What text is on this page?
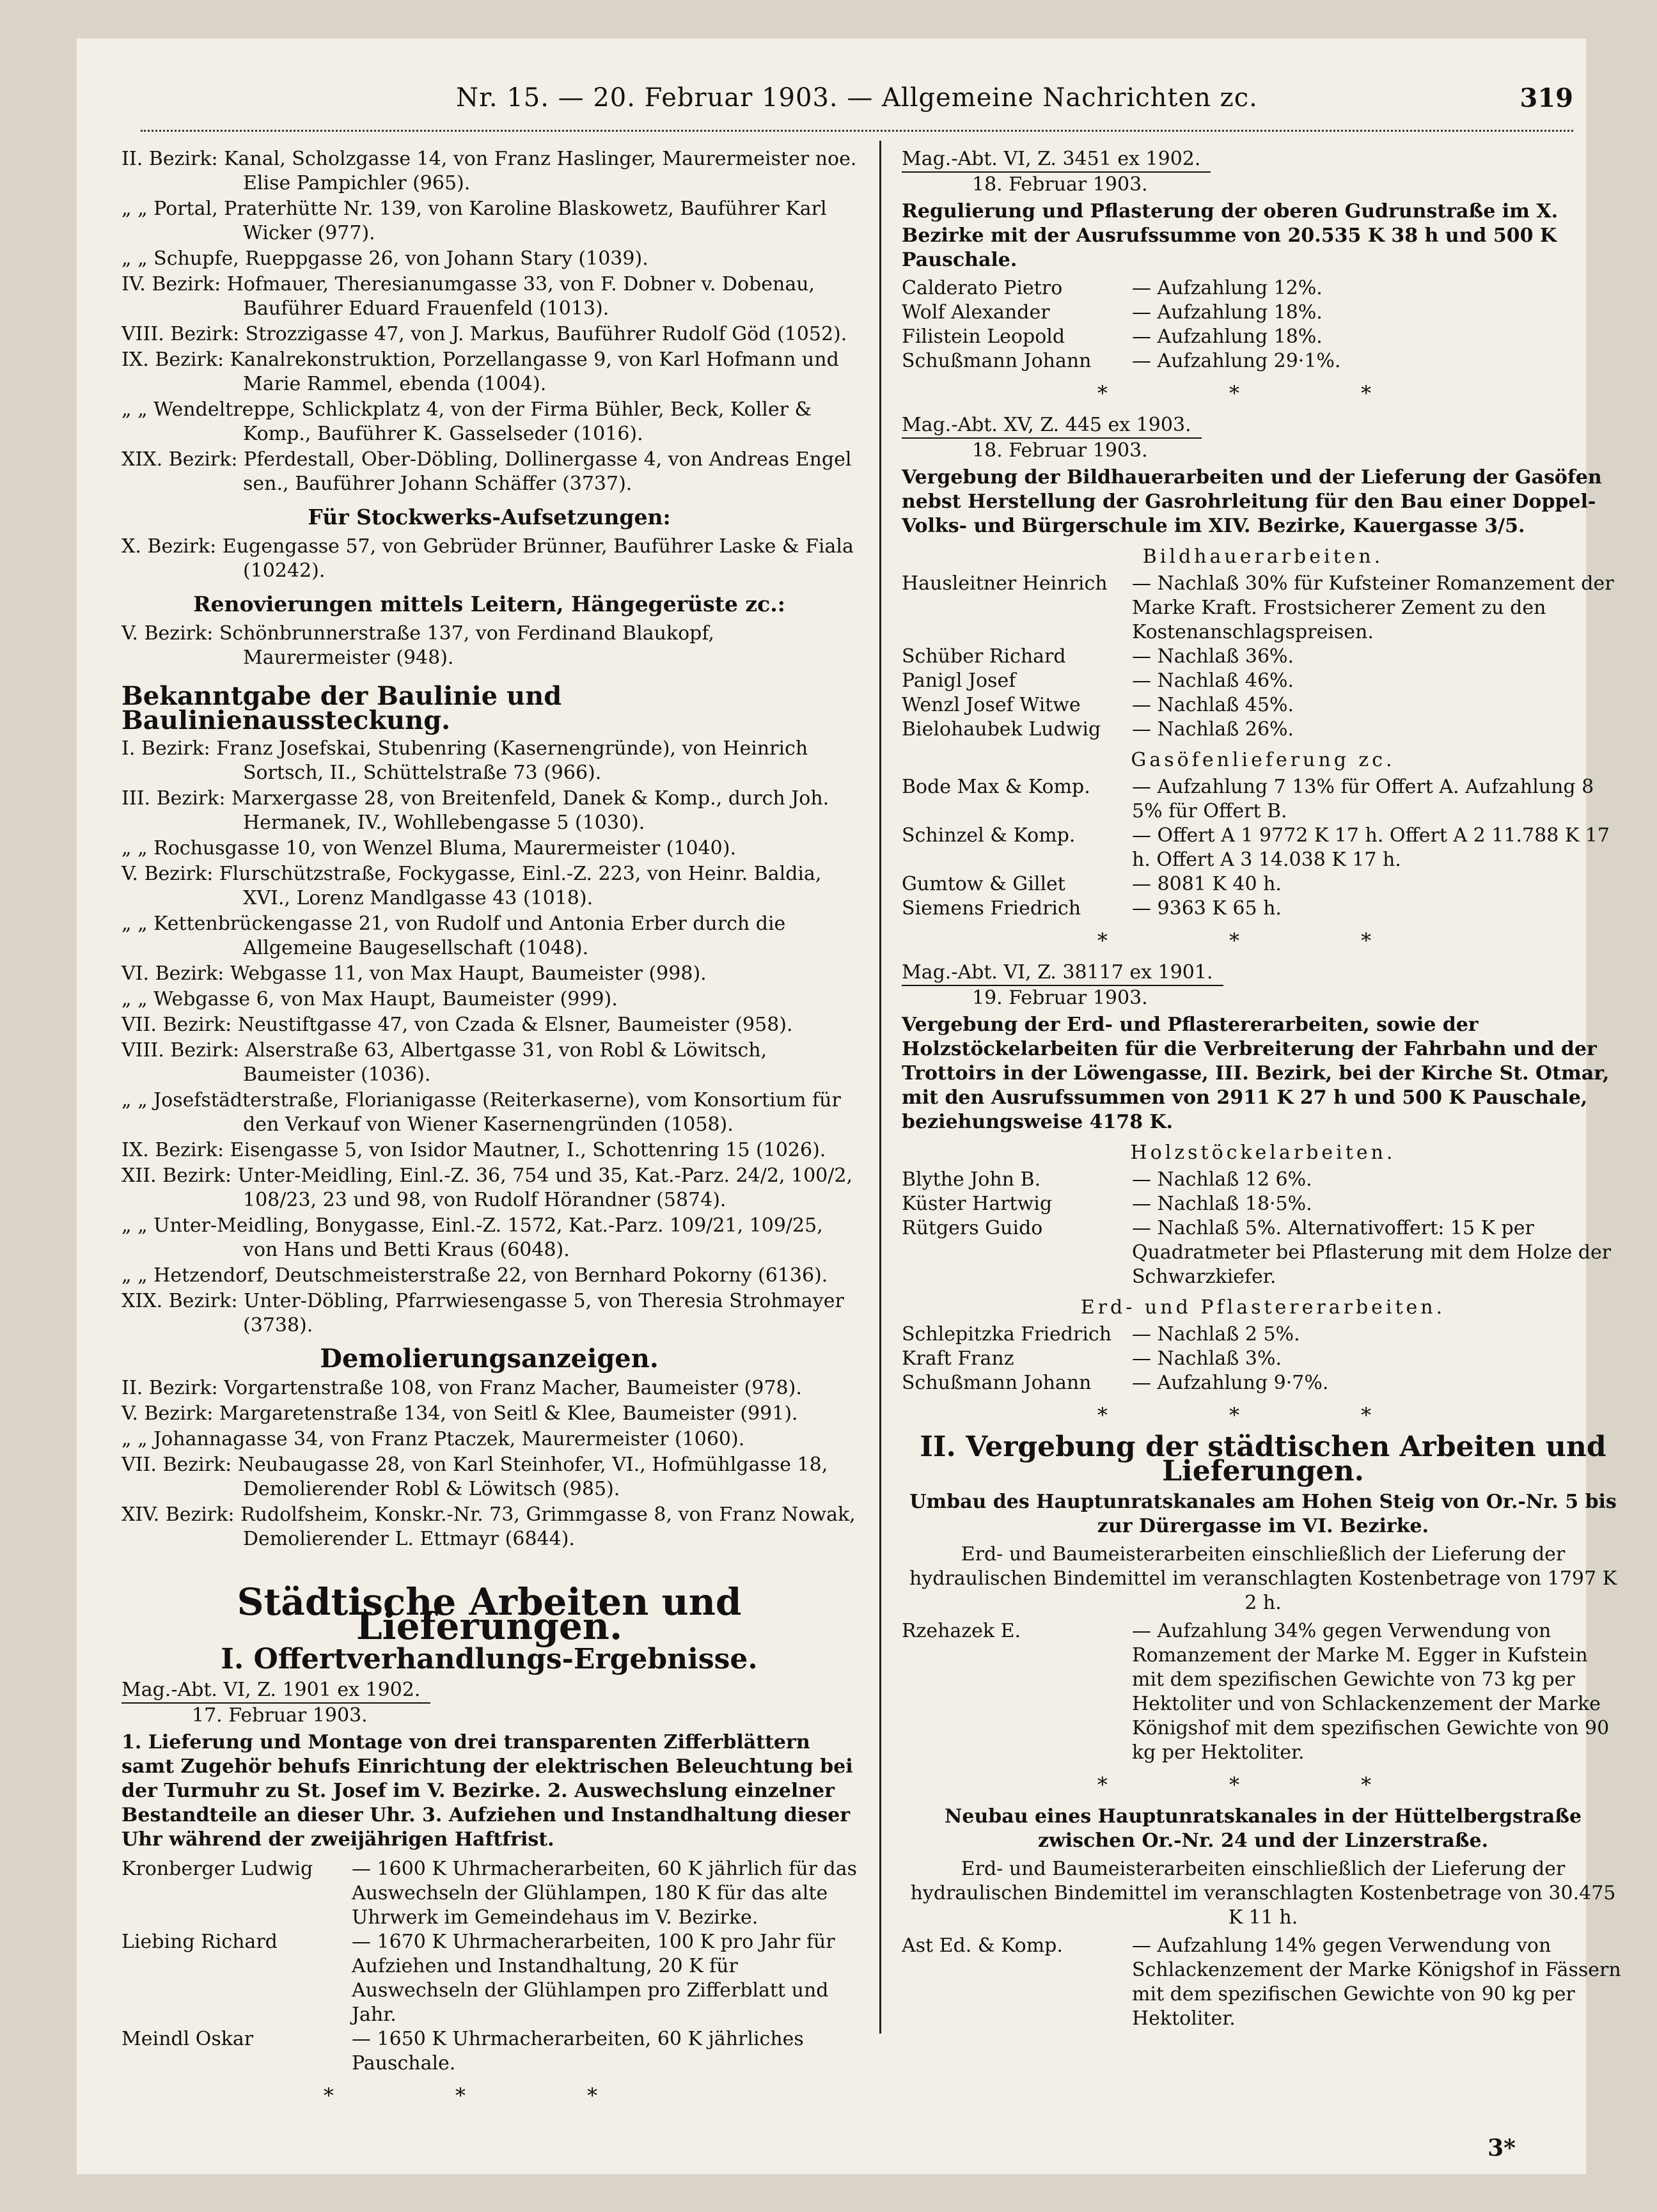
Nr. 15. — 20. Februar 1903. — Allgemeine Nachrichten zc.	319
II. Bezirk: Kanal, Scholzgasse 14, von Franz Haslinger, Maurermeister noe. Elise Pampichler (965).
„ „ Portal, Praterhütte Nr. 139, von Karoline Blaskowetz, Bauführer Karl Wicker (977).
„ „ Schupfe, Rueppgasse 26, von Johann Stary (1039).
IV. Bezirk: Hofmauer, Theresianumgasse 33, von F. Dobner v. Dobenau, Bauführer Eduard Frauenfeld (1013).
VIII. Bezirk: Strozzigasse 47, von J. Markus, Bauführer Rudolf Göd (1052).
IX. Bezirk: Kanalrekonstruktion, Porzellangasse 9, von Karl Hofmann und Marie Rammel, ebenda (1004).
„ „ Wendeltreppe, Schlickplatz 4, von der Firma Bühler, Beck, Koller & Komp., Bauführer K. Gasselseder (1016).
XIX. Bezirk: Pferdestall, Ober-Döbling, Dollinergasse 4, von Andreas Engel sen., Bauführer Johann Schäffer (3737).
Für Stockwerks-Aufsetzungen:
X. Bezirk: Eugengasse 57, von Gebrüder Brünner, Bauführer Laske & Fiala (10242).
Renovierungen mittels Leitern, Hängegerüste zc.:
V. Bezirk: Schönbrunnerstraße 137, von Ferdinand Blaukopf, Maurermeister (948).
Bekanntgabe der Baulinie und Baulinienaussteckung.
I. Bezirk: Franz Josefskai, Stubenring (Kasernengründe), von Heinrich Sortsch, II., Schüttelstraße 73 (966).
III. Bezirk: Marxergasse 28, von Breitenfeld, Danek & Komp., durch Joh. Hermanek, IV., Wohllebengasse 5 (1030).
„ „ Rochusgasse 10, von Wenzel Bluma, Maurermeister (1040).
V. Bezirk: Flurschützstraße, Fockygasse, Einl.-Z. 223, von Heinr. Baldia, XVI., Lorenz Mandlgasse 43 (1018).
„ „ Kettenbrückengasse 21, von Rudolf und Antonia Erber durch die Allgemeine Baugesellschaft (1048).
VI. Bezirk: Webgasse 11, von Max Haupt, Baumeister (998).
„ „ Webgasse 6, von Max Haupt, Baumeister (999).
VII. Bezirk: Neustiftgasse 47, von Czada & Elsner, Baumeister (958).
VIII. Bezirk: Alserstraße 63, Albertgasse 31, von Robl & Löwitsch, Baumeister (1036).
„ „ Josefstädterstraße, Florianigasse (Reiterkaserne), vom Konsortium für den Verkauf von Wiener Kasernengründen (1058).
IX. Bezirk: Eisengasse 5, von Isidor Mautner, I., Schottenring 15 (1026).
XII. Bezirk: Unter-Meidling, Einl.-Z. 36, 754 und 35, Kat.-Parz. 24/2, 100/2, 108/23, 23 und 98, von Rudolf Hörandner (5874).
„ „ Unter-Meidling, Bonygasse, Einl.-Z. 1572, Kat.-Parz. 109/21, 109/25, von Hans und Betti Kraus (6048).
„ „ Hetzendorf, Deutschmeisterstraße 22, von Bernhard Pokorny (6136).
XIX. Bezirk: Unter-Döbling, Pfarrwiesengasse 5, von Theresia Strohmayer (3738).
Demolierungsanzeigen.
II. Bezirk: Vorgartenstraße 108, von Franz Macher, Baumeister (978).
V. Bezirk: Margaretenstraße 134, von Seitl & Klee, Baumeister (991).
„ „ Johannagasse 34, von Franz Ptaczek, Maurermeister (1060).
VII. Bezirk: Neubaugasse 28, von Karl Steinhofer, VI., Hofmühlgasse 18, Demolierender Robl & Löwitsch (985).
XIV. Bezirk: Rudolfsheim, Konskr.-Nr. 73, Grimmgasse 8, von Franz Nowak, Demolierender L. Ettmayr (6844).
Städtische Arbeiten und Lieferungen.
I. Offertverhandlungs-Ergebnisse.
Mag.-Abt. VI, Z. 1901 ex 1902.
17. Februar 1903.
1. Lieferung und Montage von drei transparenten Zifferblättern samt Zugehör behufs Einrichtung der elektrischen Beleuchtung bei der Turmuhr zu St. Josef im V. Bezirke. 2. Auswechslung einzelner Bestandteile an dieser Uhr. 3. Aufziehen und Instandhaltung dieser Uhr während der zweijährigen Haftfrist.
Kronberger Ludwig	— 1600 K Uhrmacherarbeiten, 60 K jährlich für das Auswechseln der Glühlampen, 180 K für das alte Uhrwerk im Gemeindehaus im V. Bezirke.
Liebing Richard	— 1670 K Uhrmacherarbeiten, 100 K pro Jahr für Aufziehen und Instandhaltung, 20 K für Auswechseln der Glühlampen pro Zifferblatt und Jahr.
Meindl Oskar	— 1650 K Uhrmacherarbeiten, 60 K jährliches Pauschale.
* * *
Mag.-Abt. VI, Z. 3451 ex 1902.
18. Februar 1903.
Regulierung und Pflasterung der oberen Gudrunstraße im X. Bezirke mit der Ausrufssumme von 20.535 K 38 h und 500 K Pauschale.
Calderato Pietro	— Aufzahlung 12%.
Wolf Alexander	— Aufzahlung 18%.
Filistein Leopold	— Aufzahlung 18%.
Schußmann Johann	— Aufzahlung 29·1%.
* * *
Mag.-Abt. XV, Z. 445 ex 1903.
18. Februar 1903.
Vergebung der Bildhauerarbeiten und der Lieferung der Gasöfen nebst Herstellung der Gasrohrleitung für den Bau einer Doppel-Volks- und Bürgerschule im XIV. Bezirke, Kauergasse 3/5.
Bildhauerarbeiten.
Hausleitner Heinrich	— Nachlaß 30% für Kufsteiner Romanzement der Marke Kraft. Frostsicherer Zement zu den Kostenanschlagspreisen.
Schüber Richard	— Nachlaß 36%.
Panigl Josef	— Nachlaß 46%.
Wenzl Josef Witwe	— Nachlaß 45%.
Bielohaubek Ludwig	— Nachlaß 26%.
Gasöfenlieferung zc.
Bode Max & Komp.	— Aufzahlung 7 13% für Offert A. Aufzahlung 8 5% für Offert B.
Schinzel & Komp.	— Offert A 1 9772 K 17 h. Offert A 2 11.788 K 17 h. Offert A 3 14.038 K 17 h.
Gumtow & Gillet	— 8081 K 40 h.
Siemens Friedrich	— 9363 K 65 h.
* * *
Mag.-Abt. VI, Z. 38117 ex 1901.
19. Februar 1903.
Vergebung der Erd- und Pflastererarbeiten, sowie der Holzstöckelarbeiten für die Verbreiterung der Fahrbahn und der Trottoirs in der Löwengasse, III. Bezirk, bei der Kirche St. Otmar, mit den Ausrufssummen von 2911 K 27 h und 500 K Pauschale, beziehungsweise 4178 K.
Holzstöckelarbeiten.
Blythe John B.	— Nachlaß 12 6%.
Küster Hartwig	— Nachlaß 18·5%.
Rütgers Guido	— Nachlaß 5%. Alternativoffert: 15 K per Quadratmeter bei Pflasterung mit dem Holze der Schwarzkiefer.
Erd- und Pflastererarbeiten.
Schlepitzka Friedrich	— Nachlaß 2 5%.
Kraft Franz	— Nachlaß 3%.
Schußmann Johann	— Aufzahlung 9·7%.
* * *
II. Vergebung der städtischen Arbeiten und Lieferungen.
Umbau des Hauptunratskanales am Hohen Steig von Or.-Nr. 5 bis zur Dürergasse im VI. Bezirke.
Erd- und Baumeisterarbeiten einschließlich der Lieferung der hydraulischen Bindemittel im veranschlagten Kostenbetrage von 1797 K 2 h.
Rzehazek E.	— Aufzahlung 34% gegen Verwendung von Romanzement der Marke M. Egger in Kufstein mit dem spezifischen Gewichte von 73 kg per Hektoliter und von Schlackenzement der Marke Königshof mit dem spezifischen Gewichte von 90 kg per Hektoliter.
* * *
Neubau eines Hauptunratskanales in der Hüttelbergstraße zwischen Or.-Nr. 24 und der Linzerstraße.
Erd- und Baumeisterarbeiten einschließlich der Lieferung der hydraulischen Bindemittel im veranschlagten Kostenbetrage von 30.475 K 11 h.
Ast Ed. & Komp.	— Aufzahlung 14% gegen Verwendung von Schlackenzement der Marke Königshof in Fässern mit dem spezifischen Gewichte von 90 kg per Hektoliter.
3*
